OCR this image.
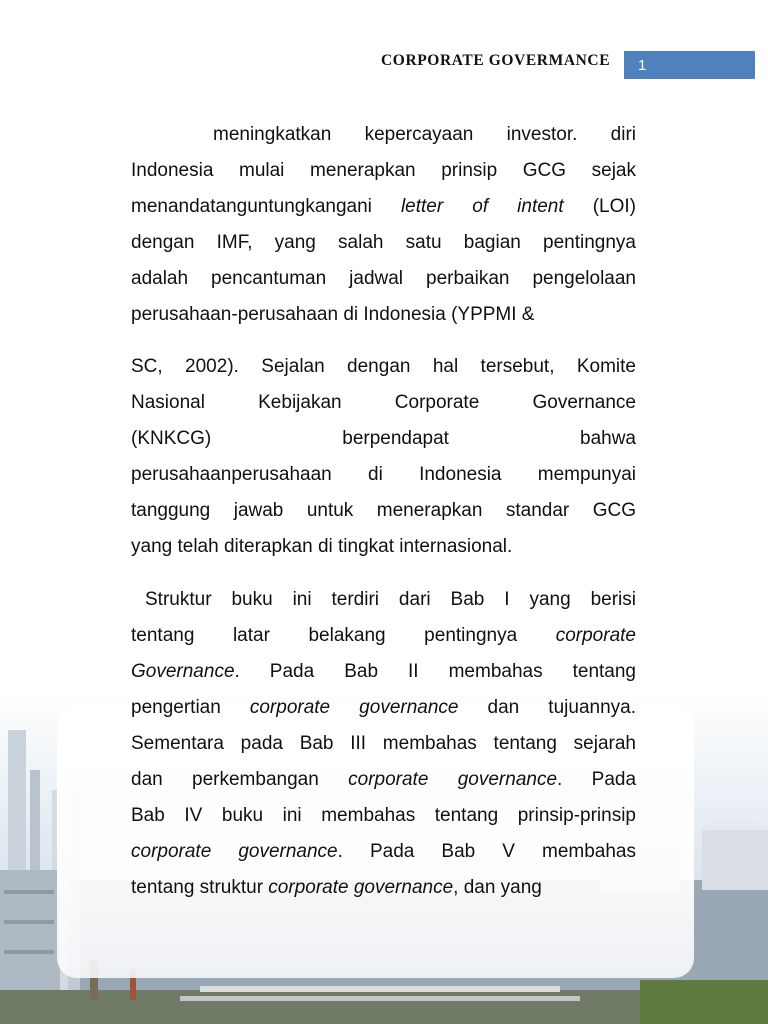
CORPORATE GOVERMANCE	1
meningkatkan kepercayaan investor. diri
Indonesia mulai menerapkan prinsip GCG sejak
menandatanguntungkangani letter of intent (LOI)
dengan IMF, yang salah satu bagian pentingnya
adalah pencantuman jadwal perbaikan pengelolaan
perusahaan-perusahaan di Indonesia (YPPMI &
SC, 2002). Sejalan dengan hal tersebut, Komite
Nasional Kebijakan Corporate Governance
(KNKCG) berpendapat bahwa
perusahaanperusahaan di Indonesia mempunyai
tanggung jawab untuk menerapkan standar GCG
yang telah diterapkan di tingkat internasional.
Struktur buku ini terdiri dari Bab I yang berisi
tentang latar belakang pentingnya corporate
Governance. Pada Bab II membahas tentang
pengertian corporate governance dan tujuannya.
Sementara pada Bab III membahas tentang sejarah
dan perkembangan corporate governance. Pada
Bab IV buku ini membahas tentang prinsip-prinsip
corporate governance. Pada Bab V membahas
tentang struktur corporate governance, dan yang
